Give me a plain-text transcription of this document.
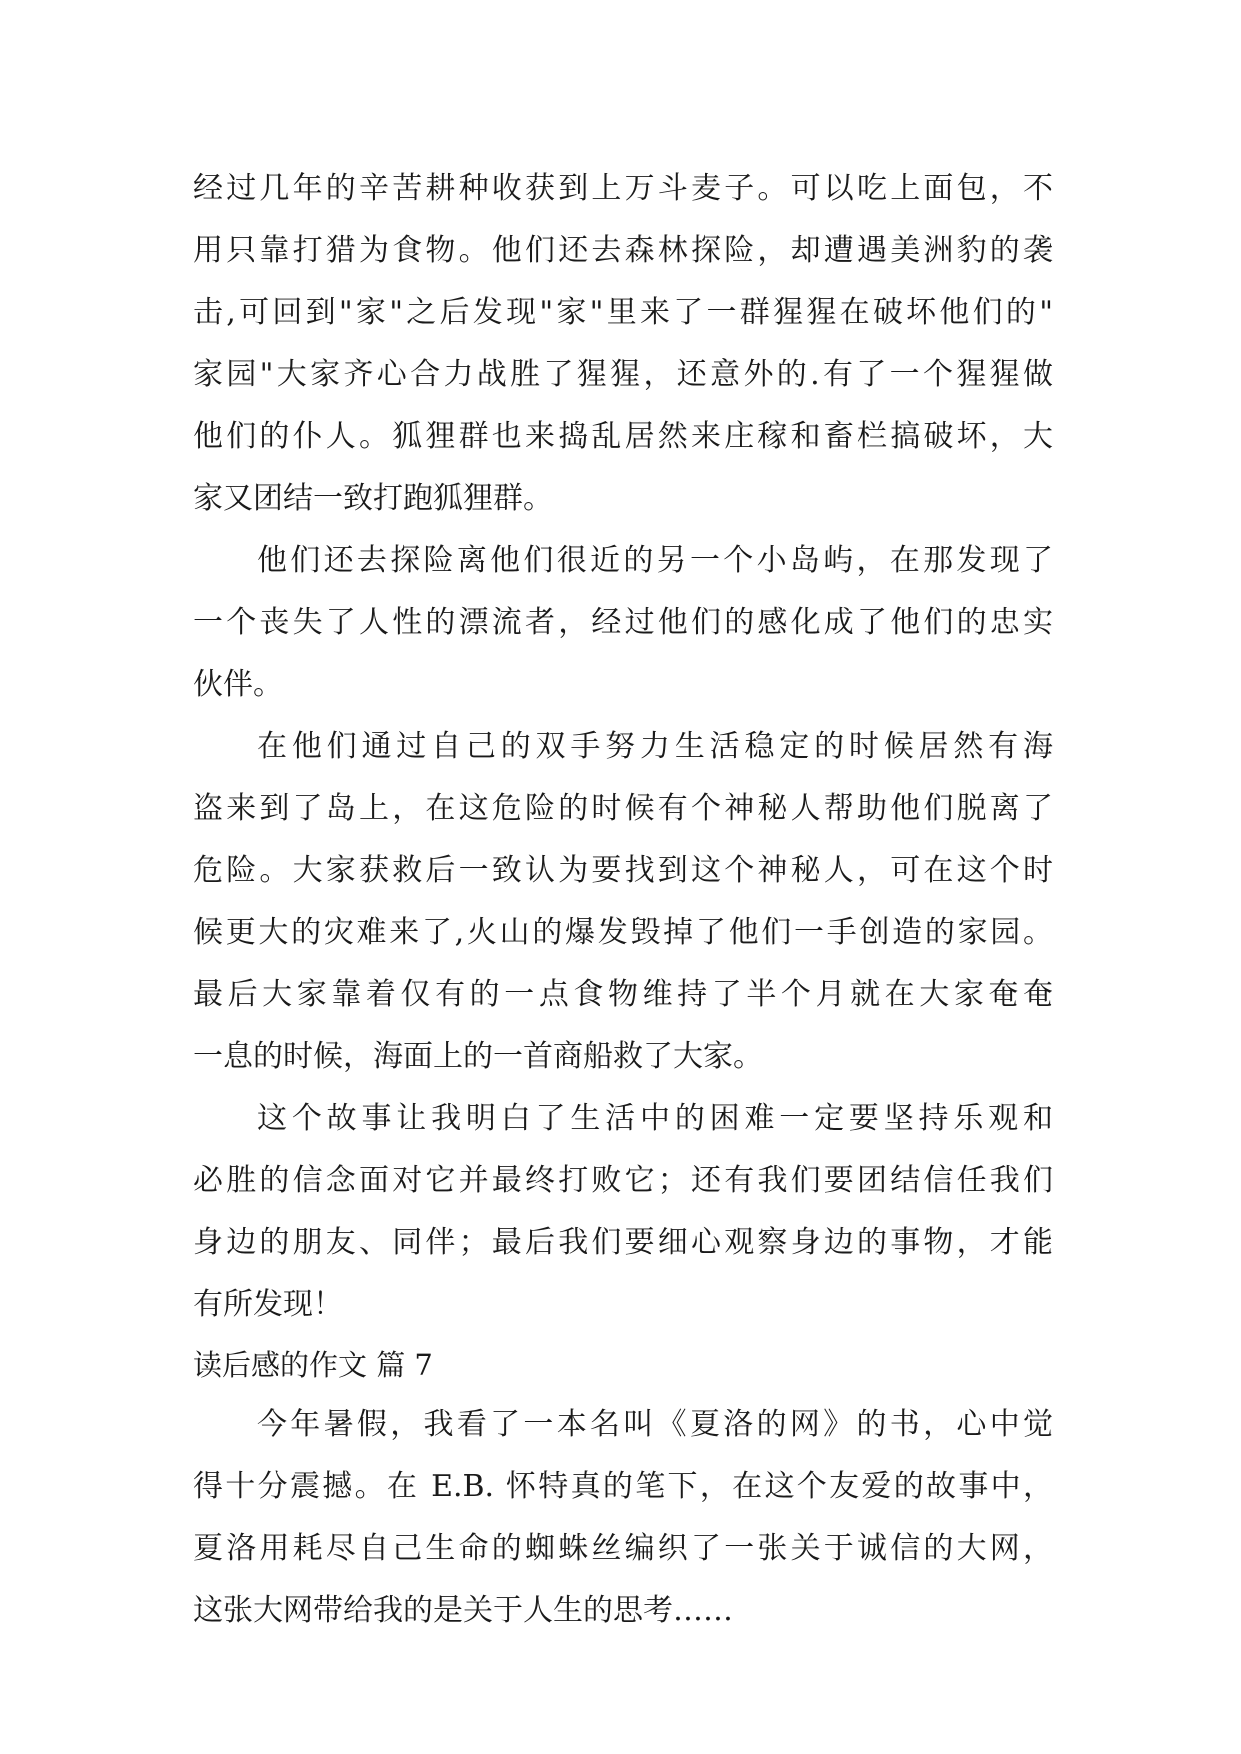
经过几年的辛苦耕种收获到上万斗麦子。可以吃上面包，不
用只靠打猎为食物。他们还去森林探险，却遭遇美洲豹的袭
击,可回到"家"之后发现"家"里来了一群猩猩在破坏他们的"
家园"大家齐心合力战胜了猩猩，还意外的.有了一个猩猩做
他们的仆人。狐狸群也来捣乱居然来庄稼和畜栏搞破坏，大
家又团结一致打跑狐狸群。
他们还去探险离他们很近的另一个小岛屿，在那发现了
一个丧失了人性的漂流者，经过他们的感化成了他们的忠实
伙伴。
在他们通过自己的双手努力生活稳定的时候居然有海
盗来到了岛上，在这危险的时候有个神秘人帮助他们脱离了
危险。大家获救后一致认为要找到这个神秘人，可在这个时
候更大的灾难来了,火山的爆发毁掉了他们一手创造的家园。
最后大家靠着仅有的一点食物维持了半个月就在大家奄奄
一息的时候，海面上的一首商船救了大家。
这个故事让我明白了生活中的困难一定要坚持乐观和
必胜的信念面对它并最终打败它；还有我们要团结信任我们
身边的朋友、同伴；最后我们要细心观察身边的事物，才能
有所发现！
读后感的作文 篇 7
今年暑假，我看了一本名叫《夏洛的网》的书，心中觉
得十分震撼。在 E.B. 怀特真的笔下，在这个友爱的故事中，
夏洛用耗尽自己生命的蜘蛛丝编织了一张关于诚信的大网，
这张大网带给我的是关于人生的思考……
